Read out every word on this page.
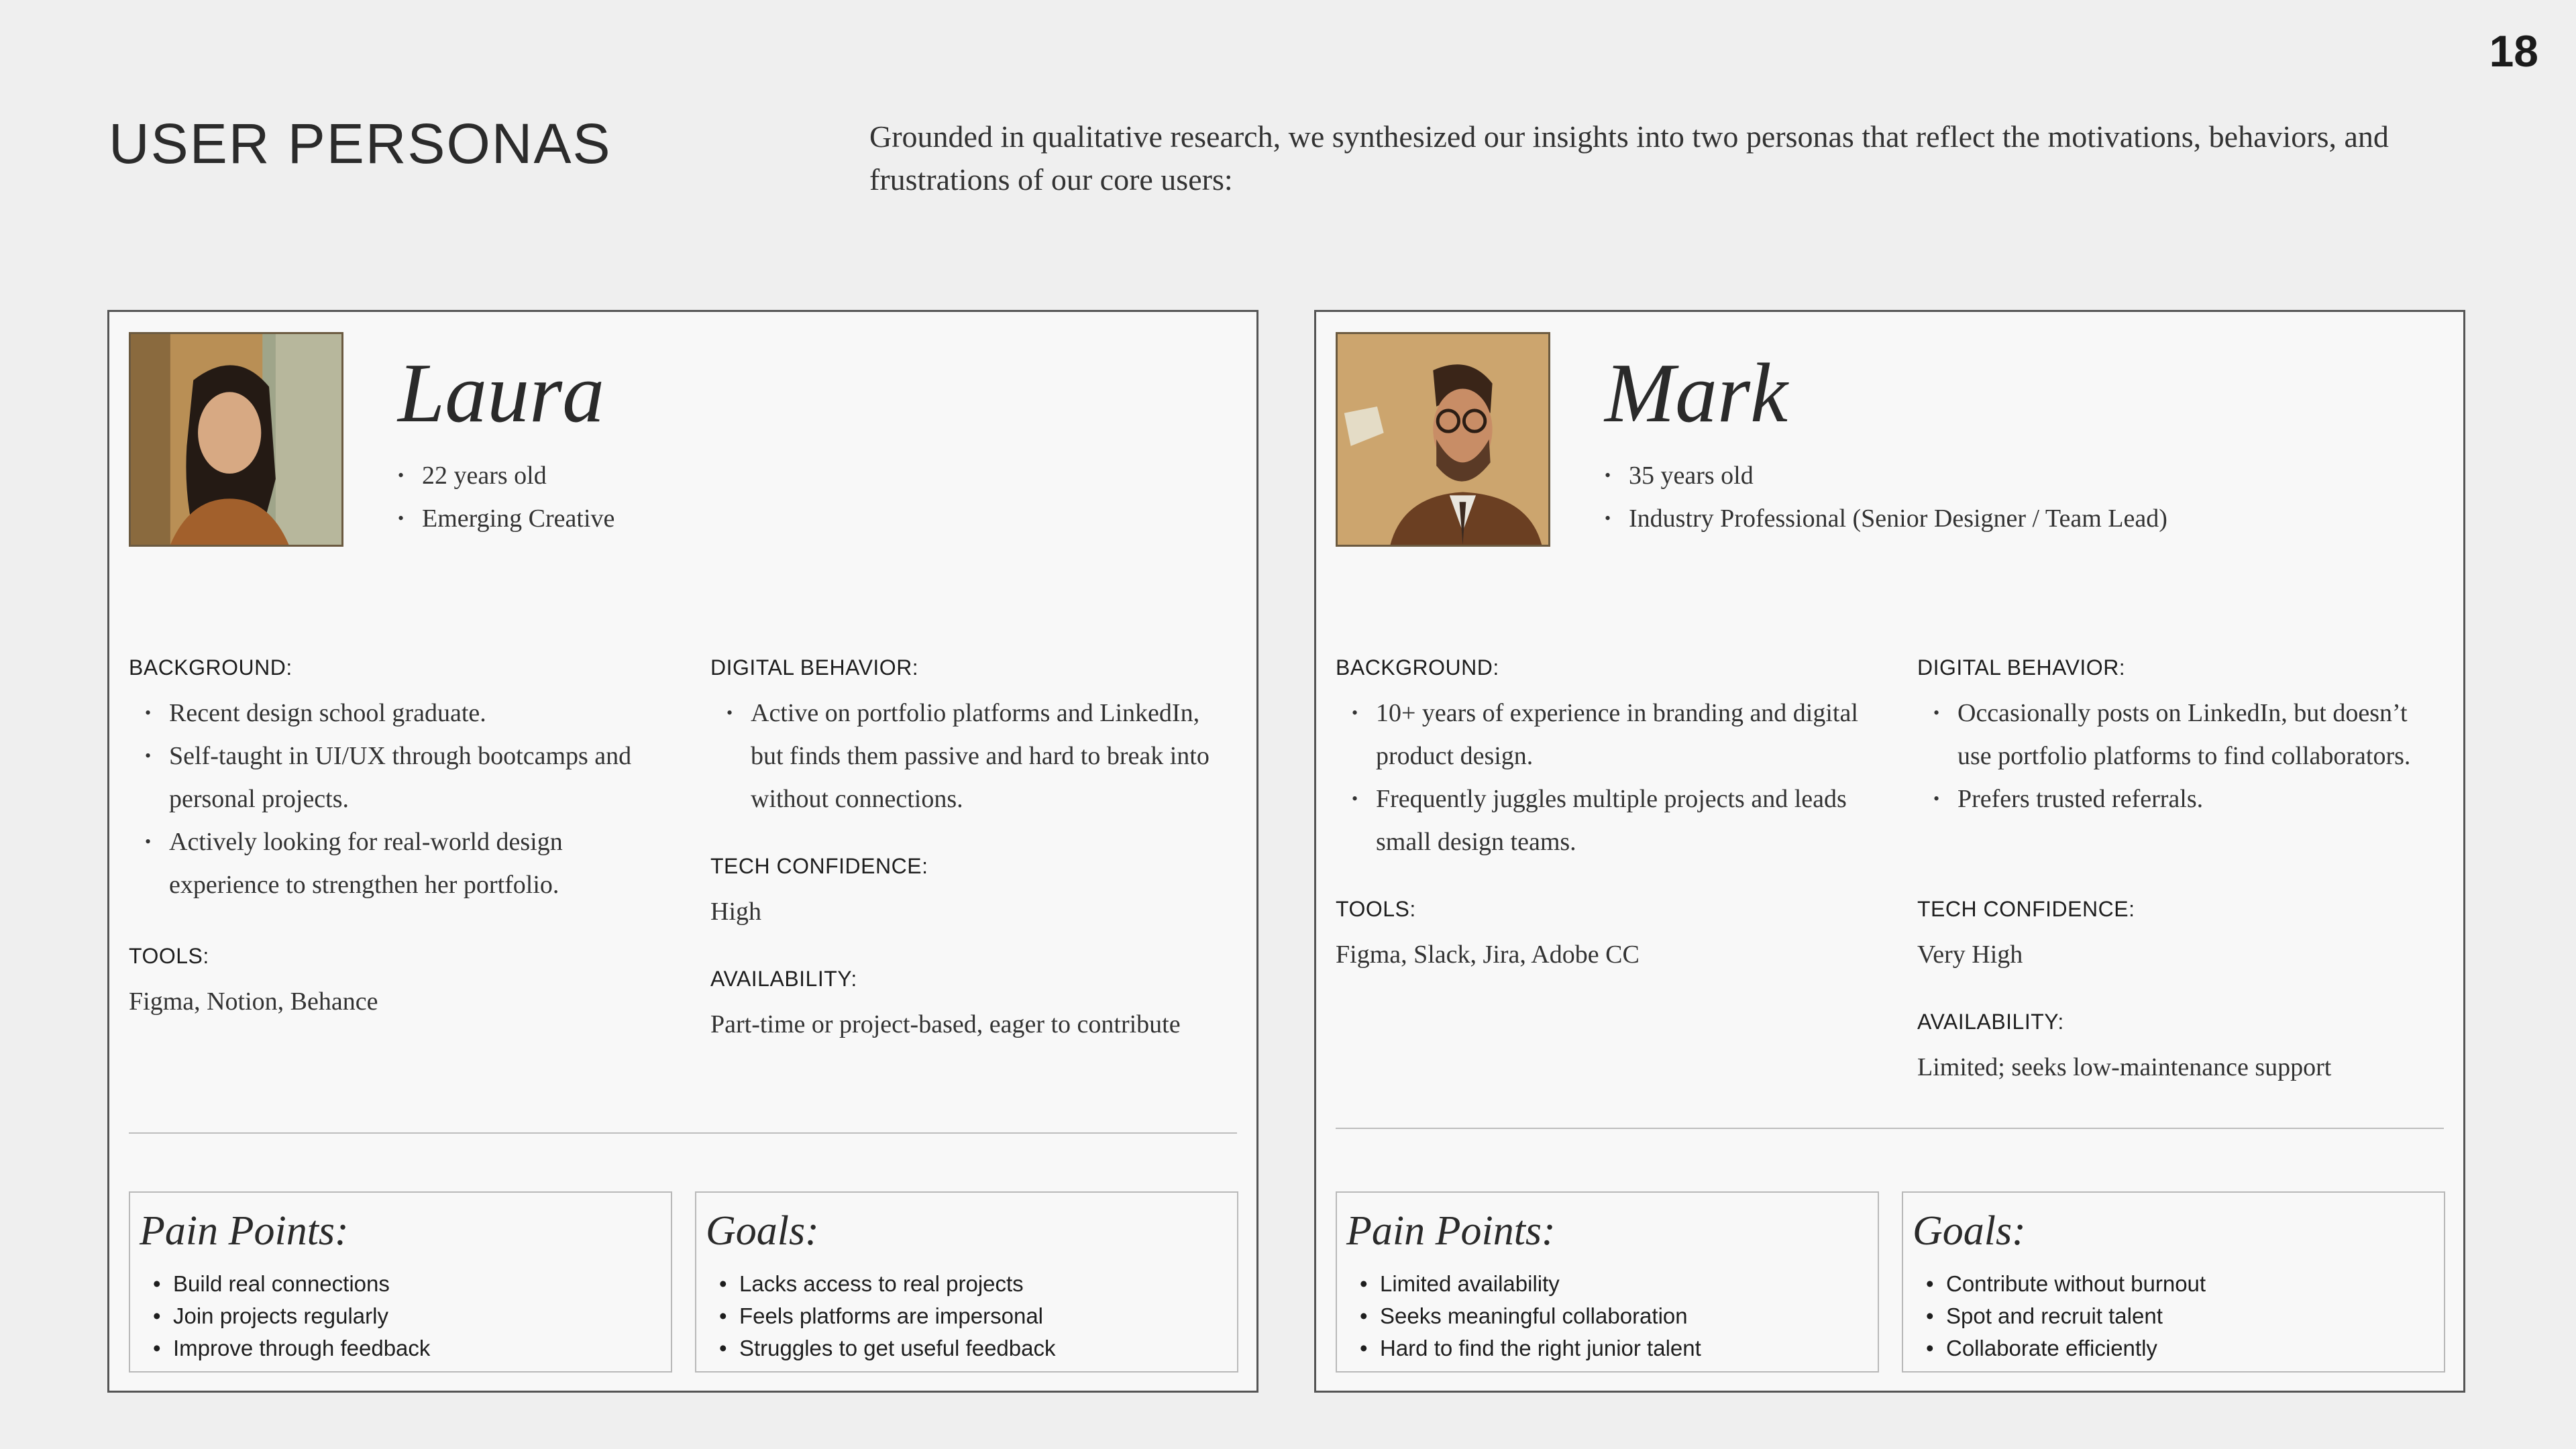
18
USER PERSONAS	Grounded in qualitative research, we synthesized our insights into two personas that reflect the motivations, behaviors, and frustrations of our core users:

Laura
• 22 years old
• Emerging Creative
BACKGROUND:
• Recent design school graduate.
• Self-taught in UI/UX through bootcamps and personal projects.
• Actively looking for real-world design experience to strengthen her portfolio.
TOOLS:

Figma, Notion, Behance

DIGITAL BEHAVIOR:
• Active on portfolio platforms and LinkedIn, but finds them passive and hard to break into without connections.
TECH CONFIDENCE:

High

AVAILABILITY:

Part-time or project-based, eager to contribute

Pain Points:
• Build real connections
• Join projects regularly
• Improve through feedback
Goals:
• Lacks access to real projects
• Feels platforms are impersonal
• Struggles to get useful feedback
Mark
• 35 years old
• Industry Professional (Senior Designer / Team Lead)
BACKGROUND:
• 10+ years of experience in branding and digital product design.
• Frequently juggles multiple projects and leads small design teams.
TOOLS:

Figma, Slack, Jira, Adobe CC

DIGITAL BEHAVIOR:
• Occasionally posts on LinkedIn, but doesn’t use portfolio platforms to find collaborators.
• Prefers trusted referrals.
TECH CONFIDENCE:

Very High

AVAILABILITY:

Limited; seeks low-maintenance support

Pain Points:
• Limited availability
• Seeks meaningful collaboration
• Hard to find the right junior talent
Goals:
• Contribute without burnout
• Spot and recruit talent
• Collaborate efficiently
